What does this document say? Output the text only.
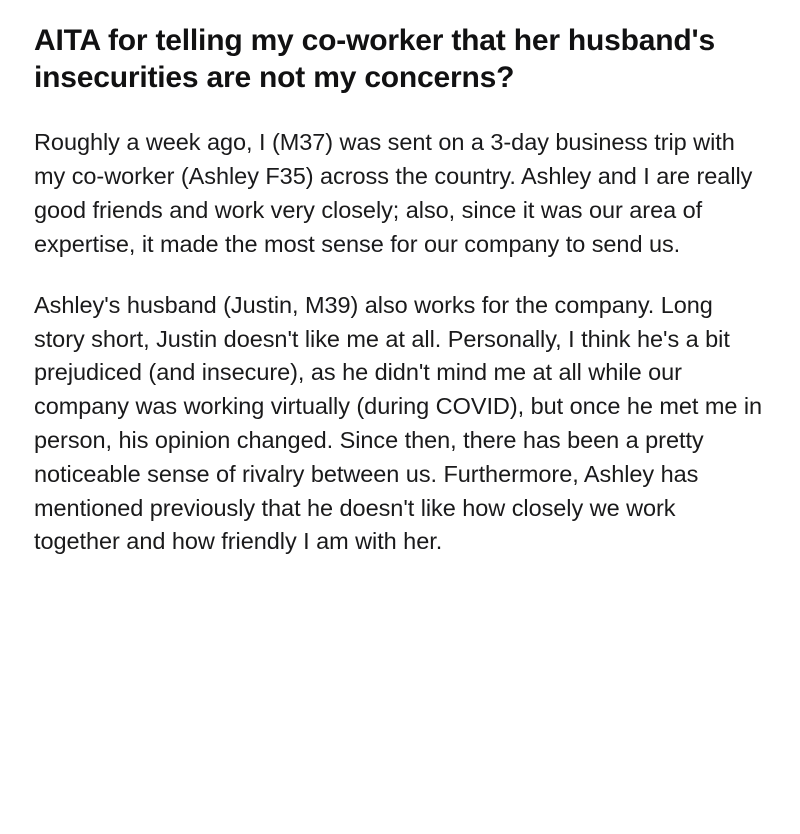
AITA for telling my co-worker that her husband's insecurities are not my concerns?

Roughly a week ago, I (M37) was sent on a 3-day business trip with my co-worker (Ashley F35) across the country. Ashley and I are really good friends and work very closely; also, since it was our area of expertise, it made the most sense for our company to send us.

Ashley's husband (Justin, M39) also works for the company. Long story short, Justin doesn't like me at all. Personally, I think he's a bit prejudiced (and insecure), as he didn't mind me at all while our company was working virtually (during COVID), but once he met me in person, his opinion changed. Since then, there has been a pretty noticeable sense of rivalry between us. Furthermore, Ashley has mentioned previously that he doesn't like how closely we work together and how friendly I am with her.
